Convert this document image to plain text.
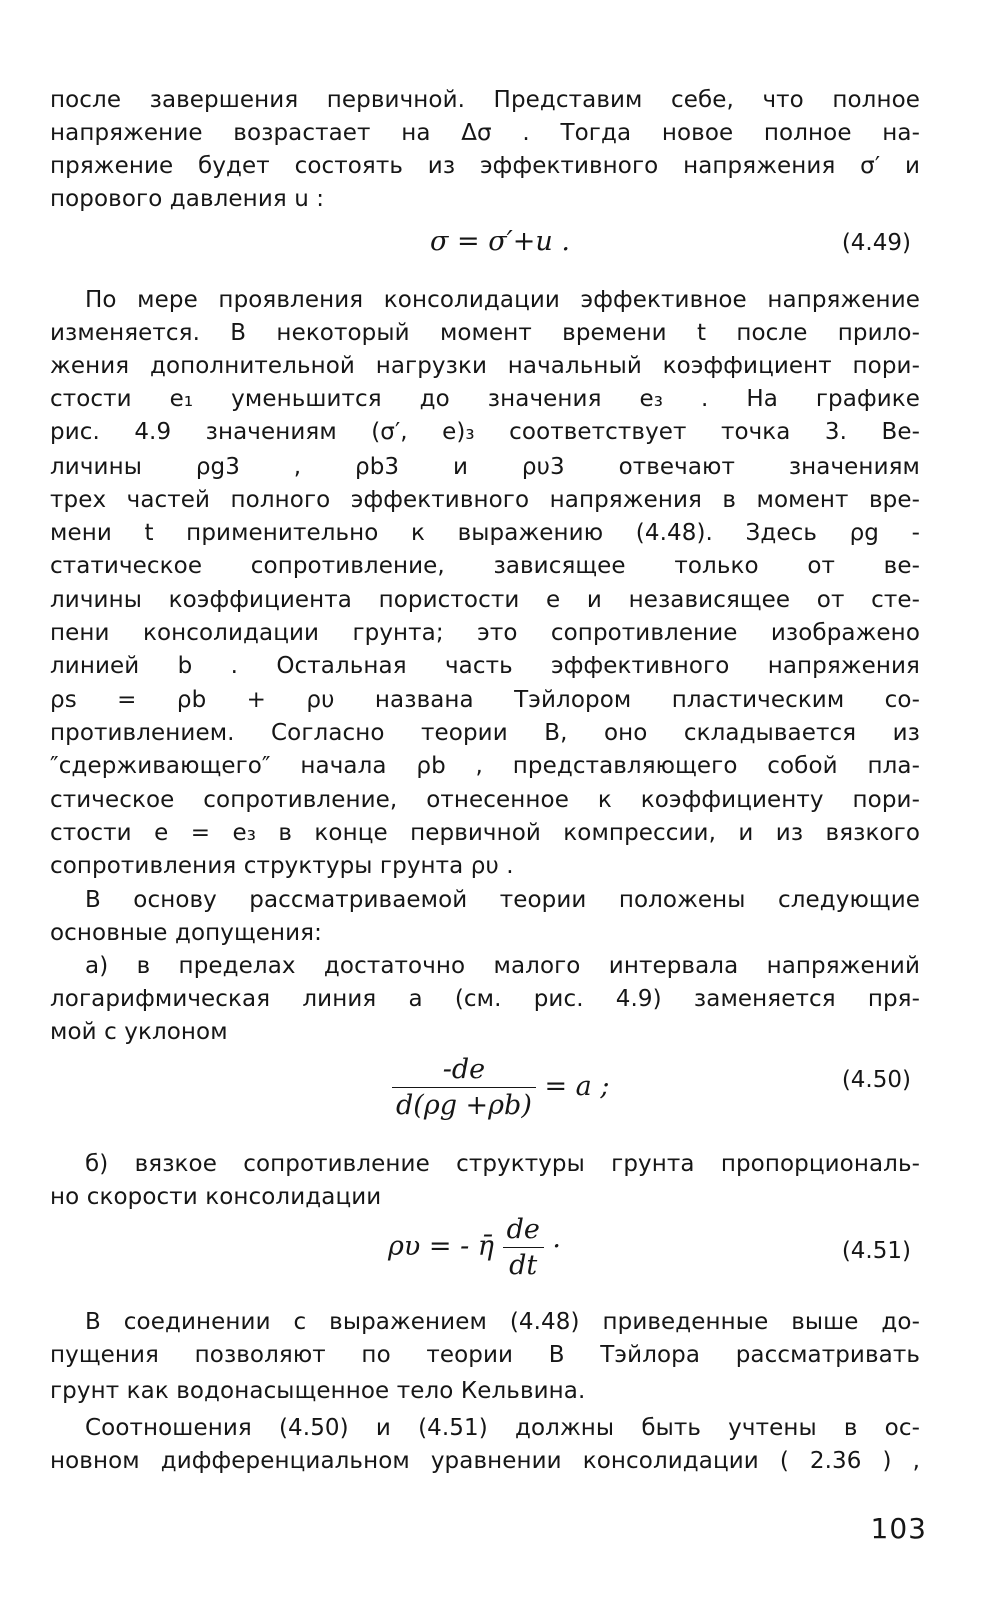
после завершения первичной. Представим себе, что полное
напряжение возрастает на Δσ . Тогда новое полное на-
пряжение будет состоять из эффективного напряжения σ′ и
порового давления u :
σ = σ′+u .	(4.49)
По мере проявления консолидации эффективное напряжение
изменяется. В некоторый момент времени t после прило-
жения дополнительной нагрузки начальный коэффициент пори-
стости e₁ уменьшится до значения e₃ . На графике
рис. 4.9 значениям (σ′, e)₃ соответствует точка 3. Ве-
личины ρg3 , ρb3 и ρυ3 отвечают значениям
трех частей полного эффективного напряжения в момент вре-
мени t применительно к выражению (4.48). Здесь ρg -
статическое сопротивление, зависящее только от ве-
личины коэффициента пористости e и независящее от сте-
пени консолидации грунта; это сопротивление изображено
линией b . Остальная часть эффективного напряжения
ρs = ρb + ρυ названа Тэйлором пластическим со-
противлением. Согласно теории В, оно складывается из
″сдерживающего″ начала ρb , представляющего собой пла-
стическое сопротивление, отнесенное к коэффициенту пори-
стости e = e₃ в конце первичной компрессии, и из вязкого
сопротивления структуры грунта ρυ .
В основу рассматриваемой теории положены следующие
основные допущения:
а) в пределах достаточно малого интервала напряжений
логарифмическая линия a (см. рис. 4.9) заменяется пря-
мой с уклоном
$\frac{-de}{d(\rho g +\rho b)} = a$ ;	(4.50)
б) вязкое сопротивление структуры грунта пропорциональ-
но скорости консолидации
ρυ = - η̄ $\frac{de}{dt}$ ·	(4.51)
В соединении с выражением (4.48) приведенные выше до-
пущения позволяют по теории B Тэйлора рассматривать
грунт как водонасыщенное тело Кельвина.
Соотношения (4.50) и (4.51) должны быть учтены в ос-
новном дифференциальном уравнении консолидации ( 2.36 ) ,
103
